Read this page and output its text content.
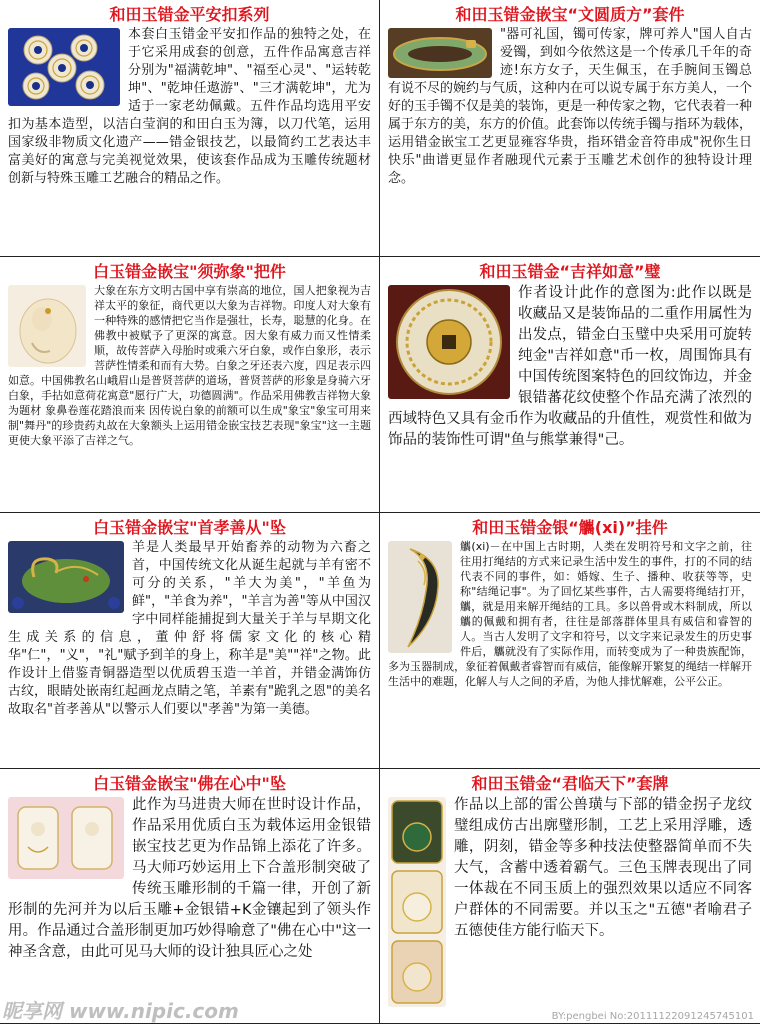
和田玉错金平安扣系列
本套白玉错金平安扣作品的独特之处，在于它采用成套的创意，五件作品寓意吉祥分别为"福满乾坤"、"福至心灵"、"运转乾坤"、"乾坤任遨游"、"三才满乾坤"，尤为适于一家老幼佩戴。五件作品均选用平安扣为基本造型，以洁白莹润的和田白玉为簿，以刀代笔，运用国家级非物质文化遗产——错金银技艺，以最简约工艺表达丰富美好的寓意与完美视觉效果，使该套作品成为玉雕传统题材创新与特殊玉雕工艺融合的精品之作。
和田玉错金嵌宝“文圆质方”套件
"器可礼国，镯可传家，牌可养人"国人自古爱镯，到如今依然这是一个传承几千年的奇迹!东方女子，天生佩玉，在手腕间玉镯总有说不尽的婉约与气质，这种内在可以说专属于东方美人，一个好的玉手镯不仅是美的装饰，更是一种传家之物，它代表着一种属于东方的美，东方的价值。此套饰以传统手镯与指环为载体，运用错金嵌宝工艺更显雍容华贵，指环错金音符串成"祝你生日快乐"曲谱更显作者融现代元素于玉雕艺术创作的独特设计理念。
白玉错金嵌宝"须弥象"把件
大象在东方文明古国中享有崇高的地位，国人把象视为吉祥太平的象征，商代更以大象为吉祥物。印度人对大象有一种特殊的感情把它当作是强壮，长寿，聪慧的化身。在佛教中被赋予了更深的寓意。因大象有威力而又性情柔顺，故传菩萨入母胎时或乘六牙白象，或作白象形，表示菩萨性情柔和而有大势。白象之牙还表六度，四足表示四如意。中国佛教名山峨眉山是普贤菩萨的道场，普贤菩萨的形象是身骑六牙白象，手拈如意荷花寓意"愿行广大，功德圆满"。作品采用佛教吉祥物大象为题材 象鼻卷莲花踏浪而来 因传说白象的前额可以生成"象宝"象宝可用来制"舞丹"的珍贵药丸故在大象额头上运用错金嵌宝技艺表现"象宝"这一主题更使大象平添了吉祥之气。
和田玉错金“吉祥如意”璧
作者设计此作的意图为:此作以既是收藏品又是装饰品的二重作用属性为出发点，错金白玉璧中央采用可旋转纯金"吉祥如意"币一枚，周围饰具有中国传统图案特色的回纹饰边，并金银错蕃花纹使整个作品充满了浓烈的西域特色又具有金币作为收藏品的升值性，观赏性和做为饰品的装饰性可谓"鱼与熊掌兼得"己。
白玉错金嵌宝"首孝善从"坠
羊是人类最早开始畜养的动物为六畜之首，中国传统文化从诞生起就与羊有密不可分的关系，"羊大为美"，"羊鱼为鲜"，"羊食为养"，"羊言为善"等从中国汉字中同样能捕捉到大量关于羊与早期文化生成关系的信息，董仲舒将儒家文化的核心精华"仁"，"义"，"礼"赋予到羊的身上，称羊是"美""祥"之物。此作设计上借鉴青铜器造型以优质碧玉造一羊首，并错金满饰仿古纹，眼睛处嵌南红起画龙点睛之笔，羊素有"跪乳之恩"的美名故取名"首孝善从"以警示人们要以"孝善"为第一美德。
和田玉错金银“觿(xi)”挂件
觿(xi)－在中国上古时期，人类在发明符号和文字之前，往往用打绳结的方式来记录生活中发生的事件，打的不同的结代表不同的事件，如：婚嫁、生子、播种、收获等等，史称"结绳记事"。为了回忆某些事件，古人需要将绳结打开，觿，就是用来解开绳结的工具。多以兽骨或木料制成，所以觿的佩戴和拥有者，往往是部落群体里具有威信和睿智的人。当古人发明了文字和符号，以文字来记录发生的历史事件后，觿就没有了实际作用，而转变成为了一种贵族配饰，多为玉器制成，象征着佩戴者睿智而有威信，能像解开繁复的绳结一样解开生活中的难题，化解人与人之间的矛盾，为他人排忧解难，公平公正。
白玉错金嵌宝"佛在心中"坠
此作为马进贵大师在世时设计作品，作品采用优质白玉为载体运用金银错嵌宝技艺更为作品锦上添花了许多。马大师巧妙运用上下合盖形制突破了传统玉雕形制的千篇一律，开创了新形制的先河并为以后玉雕+金银错+K金镶起到了领头作用。作品通过合盖形制更加巧妙得喻意了"佛在心中"这一神圣含意，由此可见马大师的设计独具匠心之处
和田玉错金“君临天下”套牌
作品以上部的雷公兽璜与下部的错金拐子龙纹璧组成仿古出廓璧形制，工艺上采用浮雕，透雕，阴刻，错金等多种技法使整器简单而不失大气，含蓄中透着霸气。三色玉牌表现出了同一体裁在不同玉质上的强烈效果以适应不同客户群体的不同需要。并以玉之"五德"者喻君子五德使佳方能行临天下。
昵享网 www.nipic.com	BY:pengbei No:20111122091245745101
